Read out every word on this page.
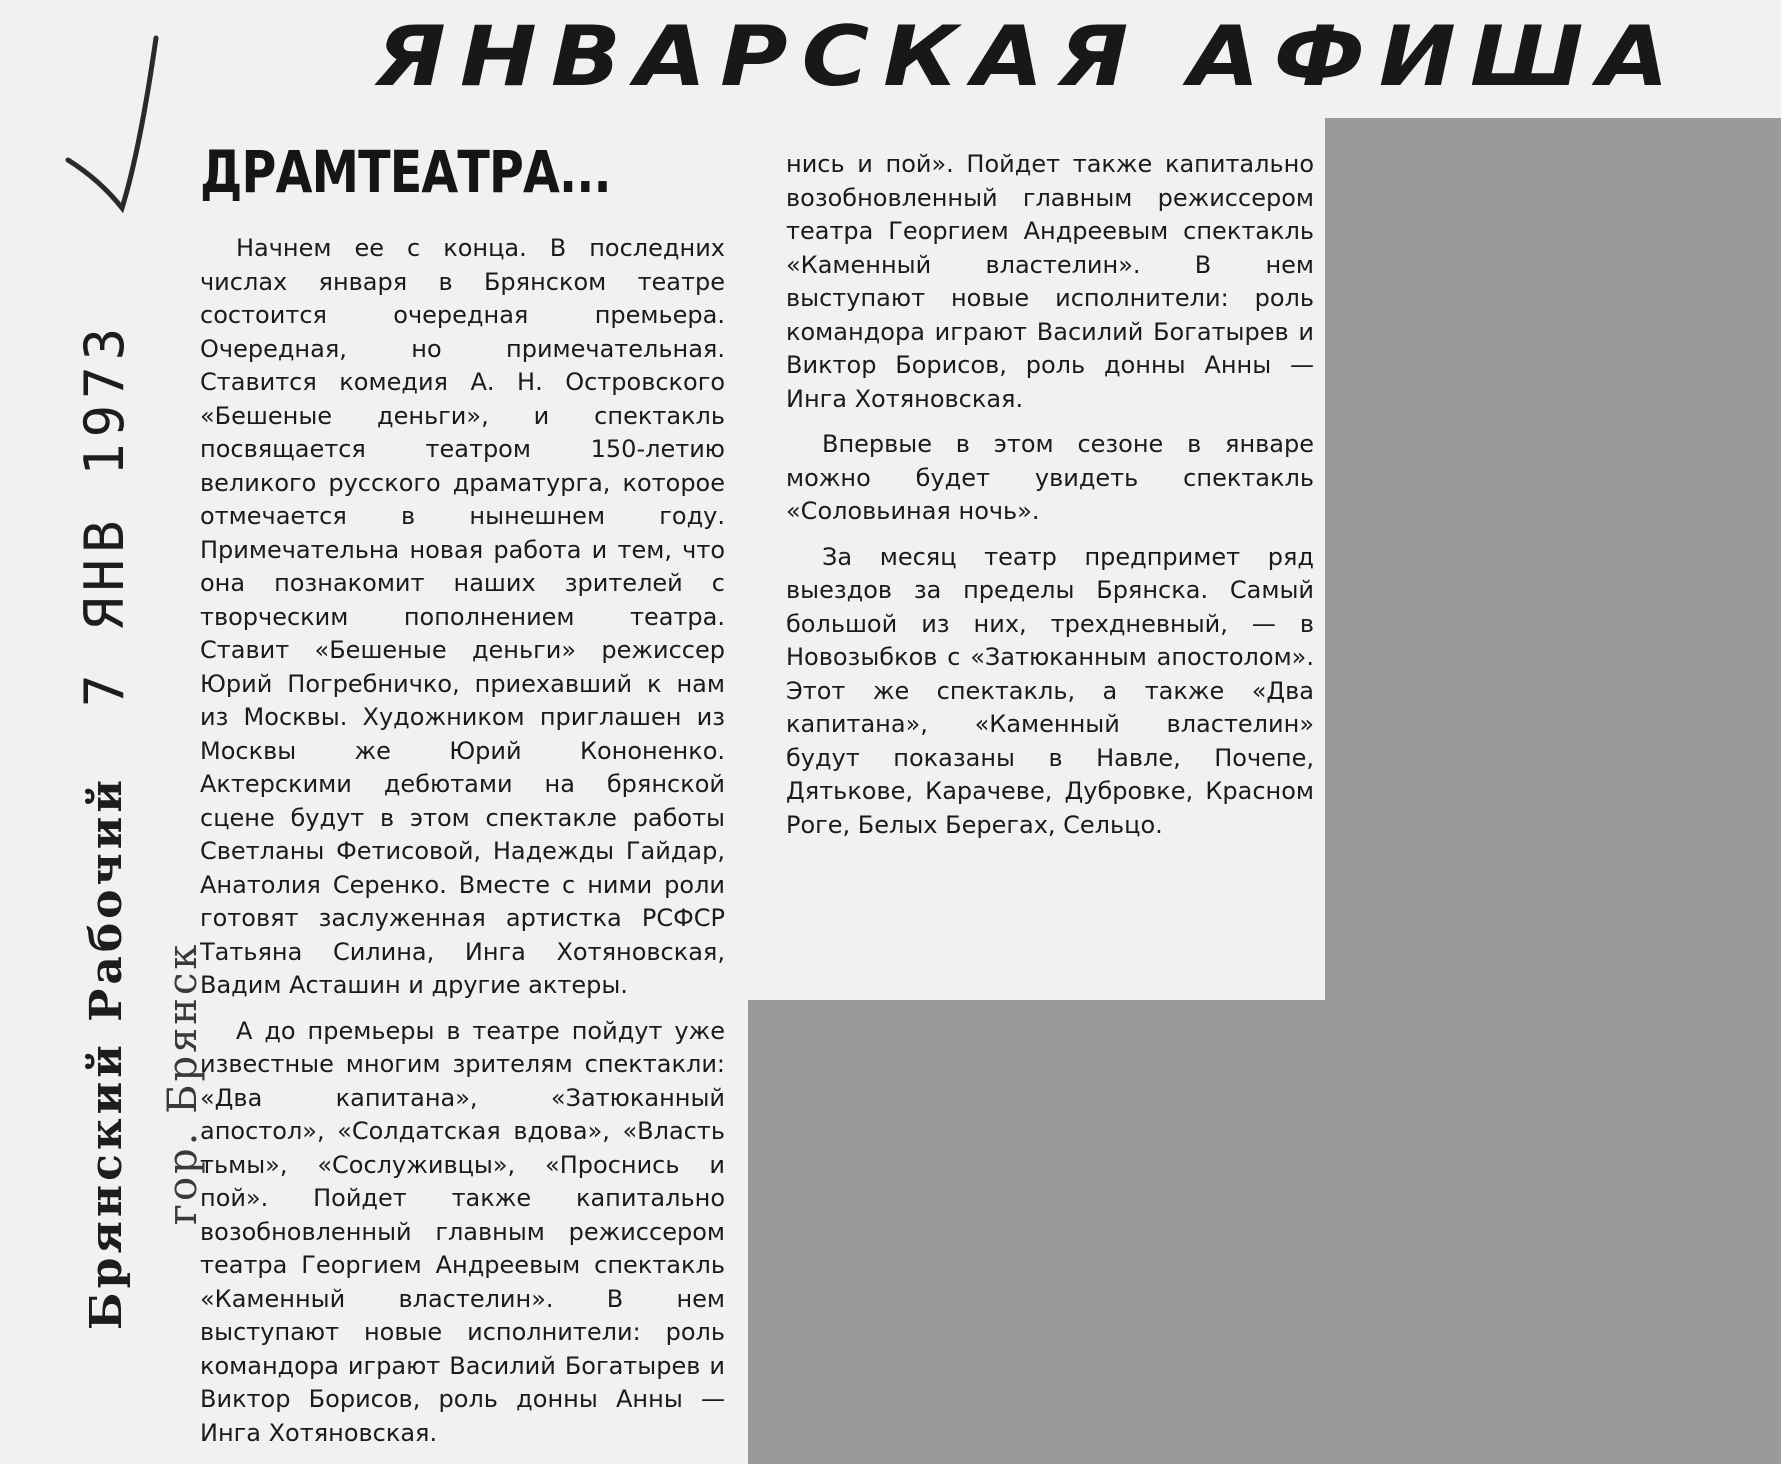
ЯНВАРСКАЯ АФИША
ДРАМТЕАТРА...
7 ЯНВ 1973
Брянский Рабочий гор. Брянск

Начнем ее с конца. В последних числах января в Брянском театре состоится очередная премьера. Очередная, но примечательная. Ставится комедия А. Н. Островского «Бешеные деньги», и спектакль посвящается театром 150-летию великого русского драматурга, которое отмечается в нынешнем году. Примечательна новая работа и тем, что она познакомит наших зрителей с творческим пополнением театра. Ставит «Бешеные деньги» режиссер Юрий Погребничко, приехавший к нам из Москвы. Художником приглашен из Москвы же Юрий Кононенко. Актерскими дебютами на брянской сцене будут в этом спектакле работы Светланы Фетисовой, Надежды Гайдар, Анатолия Серенко. Вместе с ними роли готовят заслуженная артистка РСФСР Татьяна Силина, Инга Хотяновская, Вадим Асташин и другие актеры.

А до премьеры в театре пойдут уже известные многим зрителям спектакли: «Два капитана», «Затюканный апостол», «Солдатская вдова», «Власть тьмы», «Сослуживцы», «Проснись и пой». Пойдет также капитально возобновленный главным режиссером театра Георгием Андреевым спектакль «Каменный властелин». В нем выступают новые исполнители: роль командора играют Василий Богатырев и Виктор Борисов, роль донны Анны — Инга Хотяновская.

нись и пой». Пойдет также капитально возобновленный главным режиссером театра Георгием Андреевым спектакль «Каменный властелин». В нем выступают новые исполнители: роль командора играют Василий Богатырев и Виктор Борисов, роль донны Анны — Инга Хотяновская.

Впервые в этом сезоне в январе можно будет увидеть спектакль «Соловьиная ночь».

За месяц театр предпримет ряд выездов за пределы Брянска. Самый большой из них, трехдневный, — в Новозыбков с «Затюканным апостолом». Этот же спектакль, а также «Два капитана», «Каменный властелин» будут показаны в Навле, Почепе, Дятькове, Карачеве, Дубровке, Красном Роге, Белых Берегах, Сельцо.
